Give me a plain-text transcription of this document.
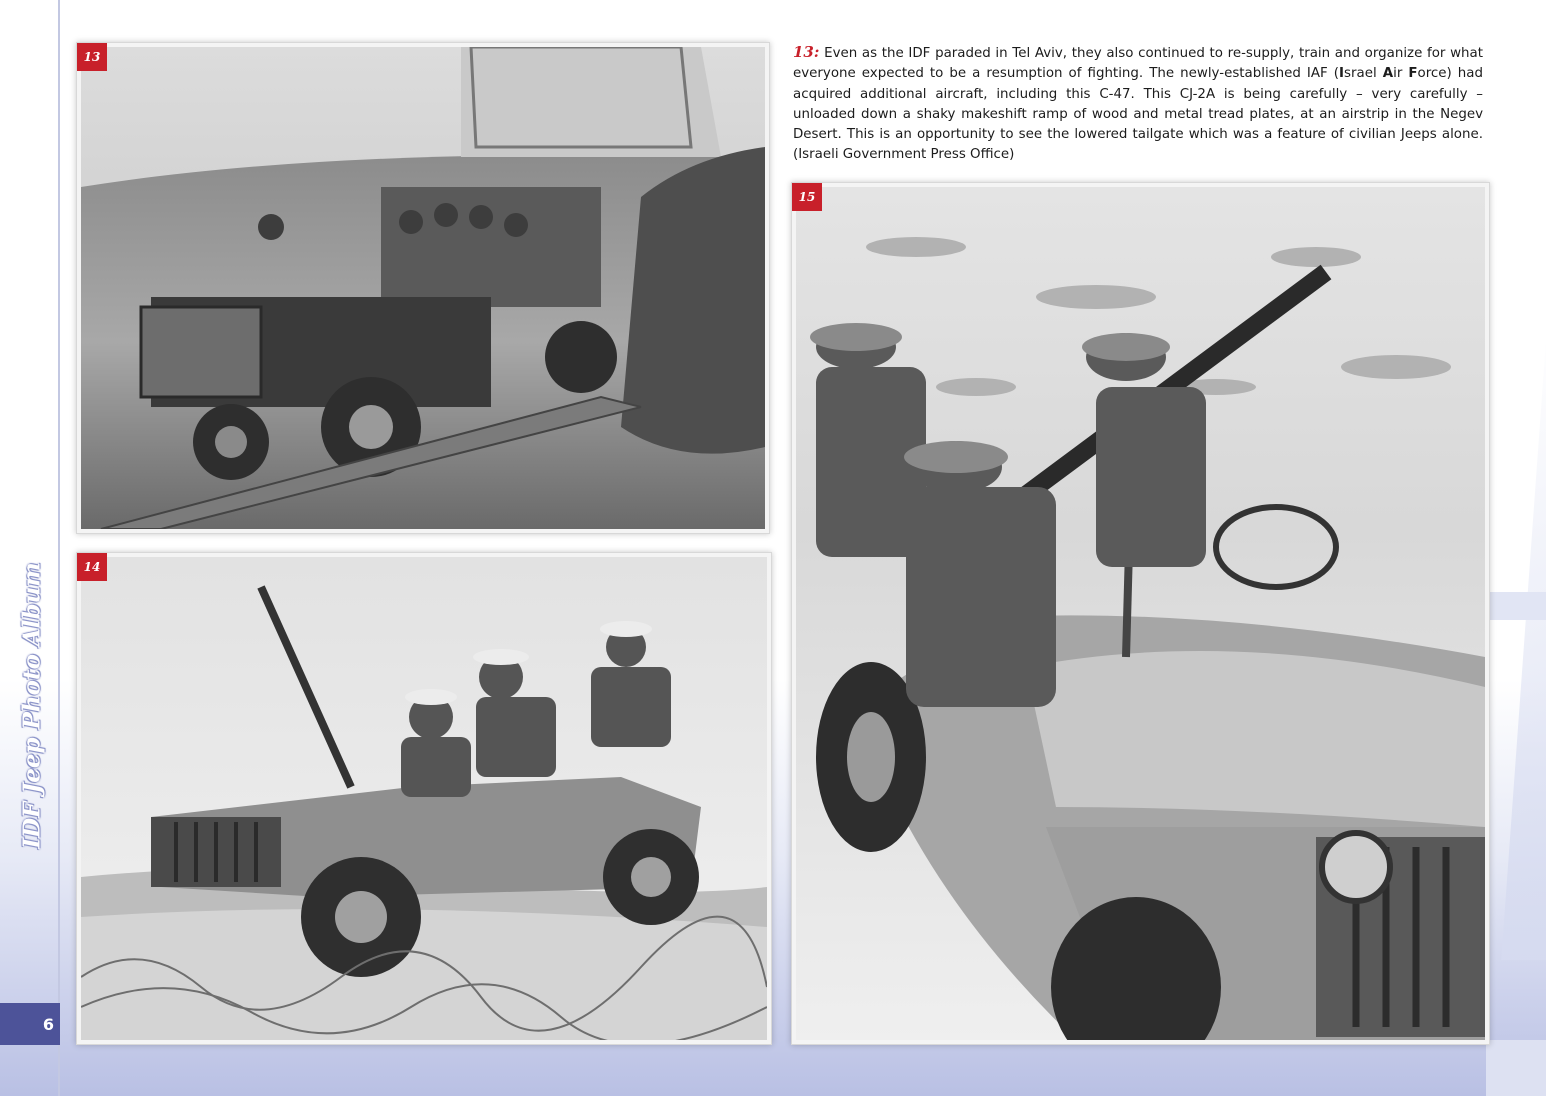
IDF Jeep Photo Album
6
13
14
15
13: Even as the IDF paraded in Tel Aviv, they also continued to re-supply, train and organize for what everyone expected to be a resumption of fighting. The newly-established IAF (Israel Air Force) had acquired additional aircraft, including this C-47. This CJ-2A is being carefully – very carefully – unloaded down a shaky makeshift ramp of wood and metal tread plates, at an airstrip in the Negev Desert. This is an opportunity to see the lowered tailgate which was a feature of civilian Jeeps alone. (Israeli Government Press Office)
